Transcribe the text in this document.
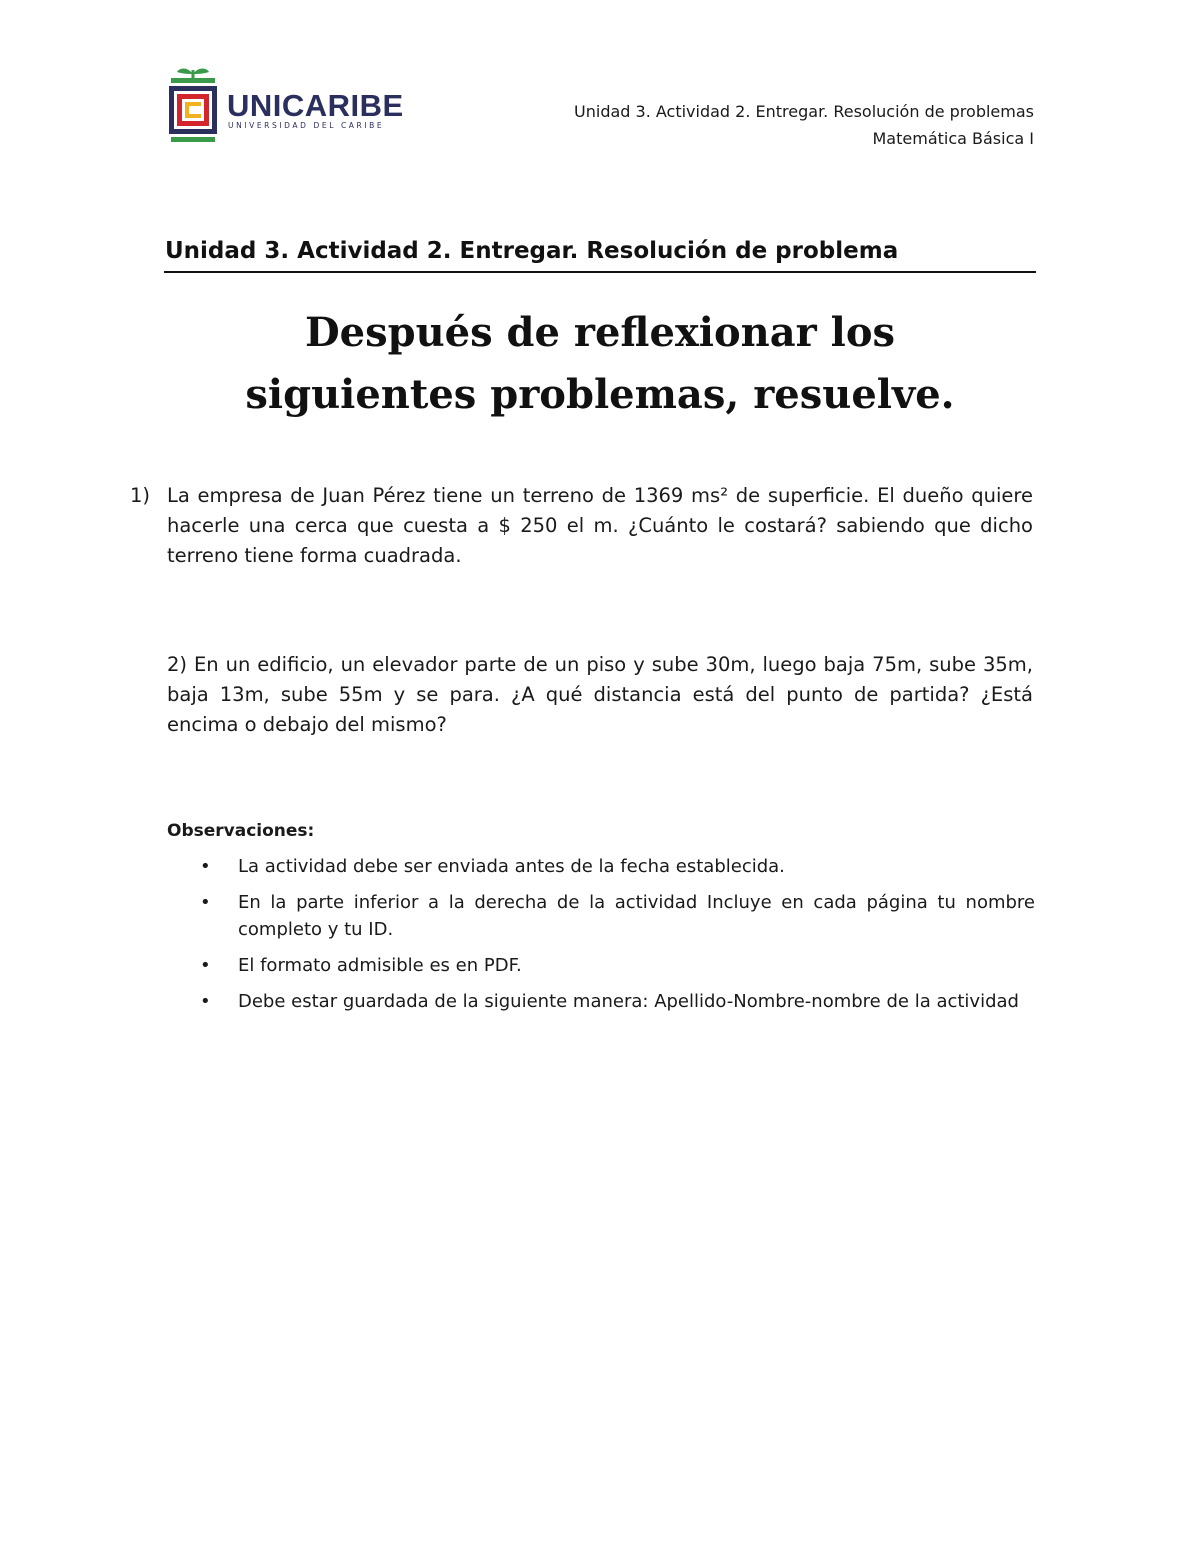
UNICARIBE
UNIVERSIDAD DEL CARIBE
Unidad 3. Actividad 2. Entregar. Resolución de problemas
Matemática Básica I
Unidad 3. Actividad 2. Entregar. Resolución de problema
Después de reflexionar los
siguientes problemas, resuelve.
1) La empresa de Juan Pérez tiene un terreno de 1369 ms² de superficie. El dueño quiere hacerle una cerca que cuesta a $ 250 el m. ¿Cuánto le costará? sabiendo que dicho terreno tiene forma cuadrada.
2) En un edificio, un elevador parte de un piso y sube 30m, luego baja 75m, sube 35m, baja 13m, sube 55m y se para. ¿A qué distancia está del punto de partida? ¿Está encima o debajo del mismo?
Observaciones:
• La actividad debe ser enviada antes de la fecha establecida.
• En la parte inferior a la derecha de la actividad Incluye en cada página tu nombre completo y tu ID.
• El formato admisible es en PDF.
• Debe estar guardada de la siguiente manera: Apellido-Nombre-nombre de la actividad
